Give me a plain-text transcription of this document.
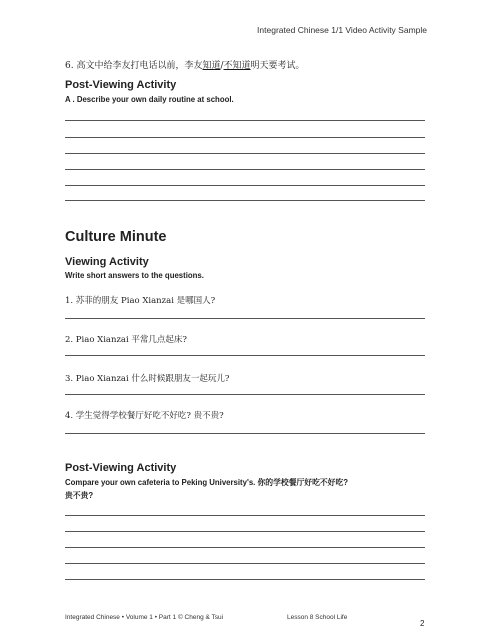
Integrated Chinese 1/1 Video Activity Sample
6. 高文中给李友打电话以前，李友知道/不知道明天要考试。
Post-Viewing Activity
A . Describe your own daily routine at school.
Culture Minute
Viewing Activity
Write short answers to the questions.
1. 苏菲的朋友 Piao Xianzai 是哪国人?
2. Piao Xianzai 平常几点起床?
3. Piao Xianzai 什么时候跟朋友一起玩儿?
4. 学生觉得学校餐厅好吃不好吃? 贵不贵?
Post-Viewing Activity
Compare your own cafeteria to Peking University's. 你的学校餐厅好吃不好吃?
贵不贵?
Integrated Chinese • Volume 1 • Part 1 © Cheng & Tsui	Lesson 8 School Life
2
